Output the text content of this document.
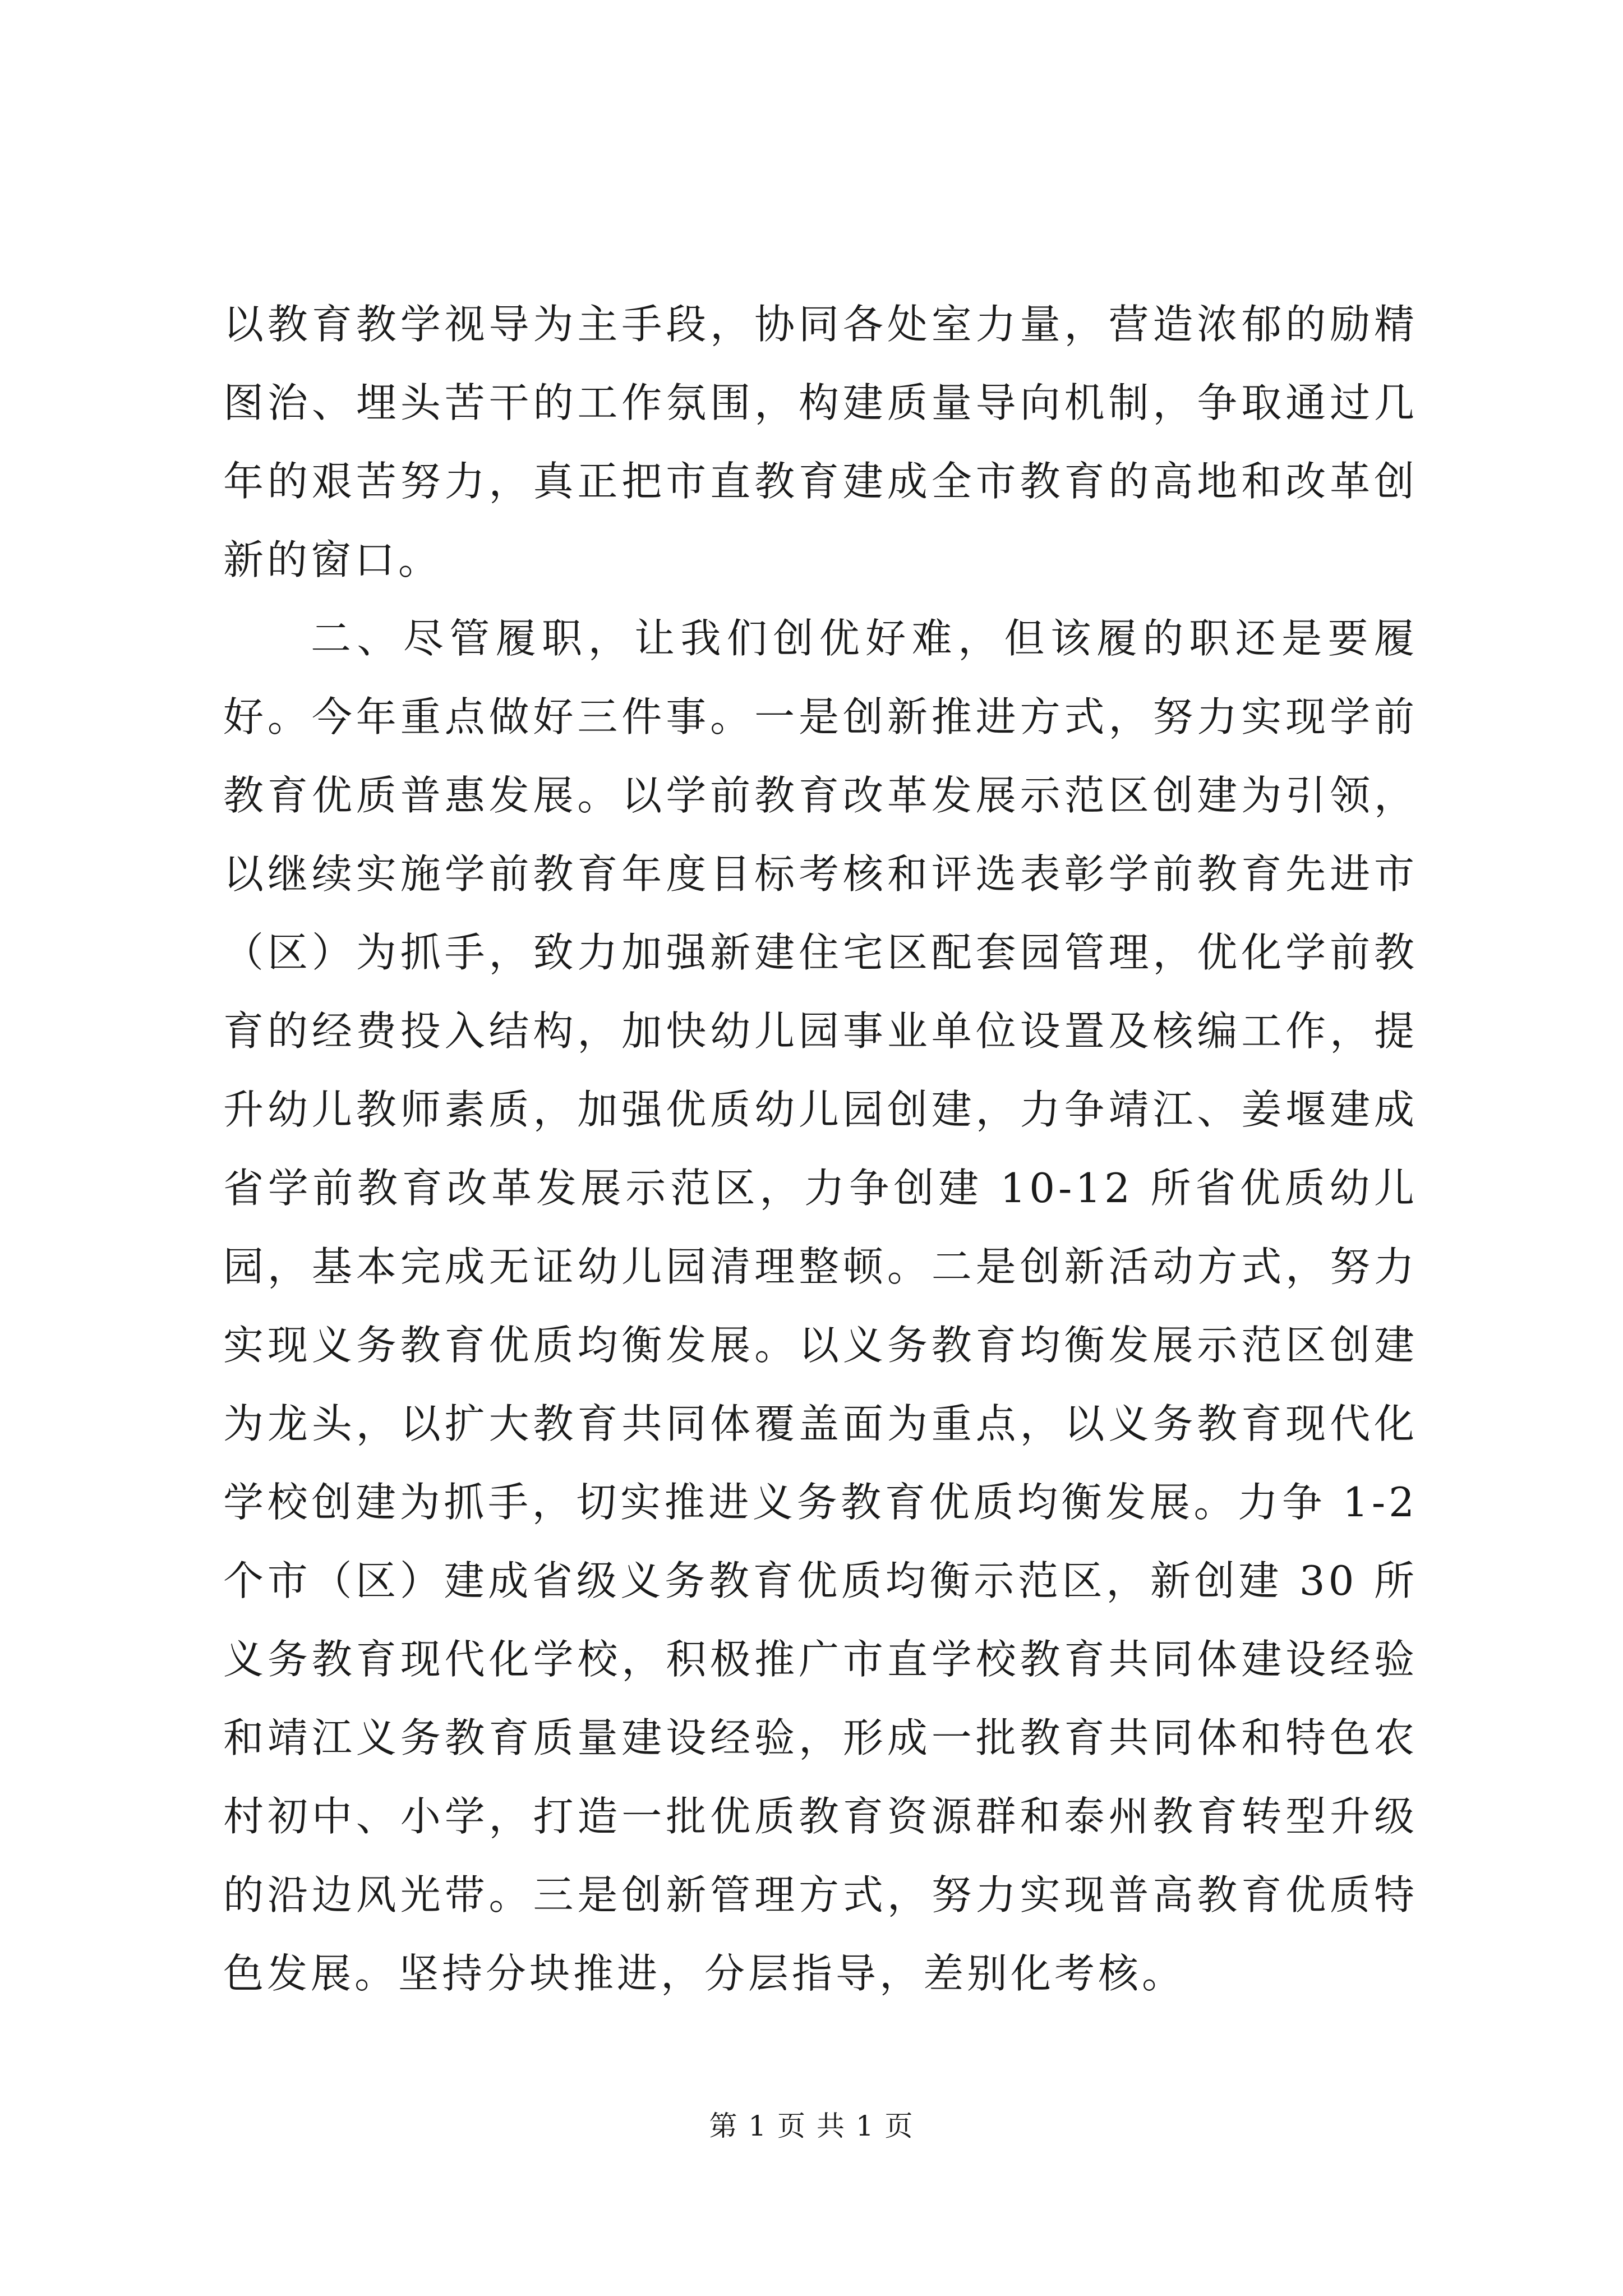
以教育教学视导为主手段，协同各处室力量，营造浓郁的励精图治、埋头苦干的工作氛围，构建质量导向机制，争取通过几年的艰苦努力，真正把市直教育建成全市教育的高地和改革创新的窗口。

二、尽管履职，让我们创优好难，但该履的职还是要履好。今年重点做好三件事。一是创新推进方式，努力实现学前教育优质普惠发展。以学前教育改革发展示范区创建为引领，以继续实施学前教育年度目标考核和评选表彰学前教育先进市（区）为抓手，致力加强新建住宅区配套园管理，优化学前教育的经费投入结构，加快幼儿园事业单位设置及核编工作，提升幼儿教师素质，加强优质幼儿园创建，力争靖江、姜堰建成省学前教育改革发展示范区，力争创建 10-12 所省优质幼儿园，基本完成无证幼儿园清理整顿。二是创新活动方式，努力实现义务教育优质均衡发展。以义务教育均衡发展示范区创建为龙头，以扩大教育共同体覆盖面为重点，以义务教育现代化学校创建为抓手，切实推进义务教育优质均衡发展。力争 1-2 个市（区）建成省级义务教育优质均衡示范区，新创建 30 所义务教育现代化学校，积极推广市直学校教育共同体建设经验和靖江义务教育质量建设经验，形成一批教育共同体和特色农村初中、小学，打造一批优质教育资源群和泰州教育转型升级的沿边风光带。三是创新管理方式，努力实现普高教育优质特色发展。坚持分块推进，分层指导，差别化考核。

第 1 页 共 1 页
